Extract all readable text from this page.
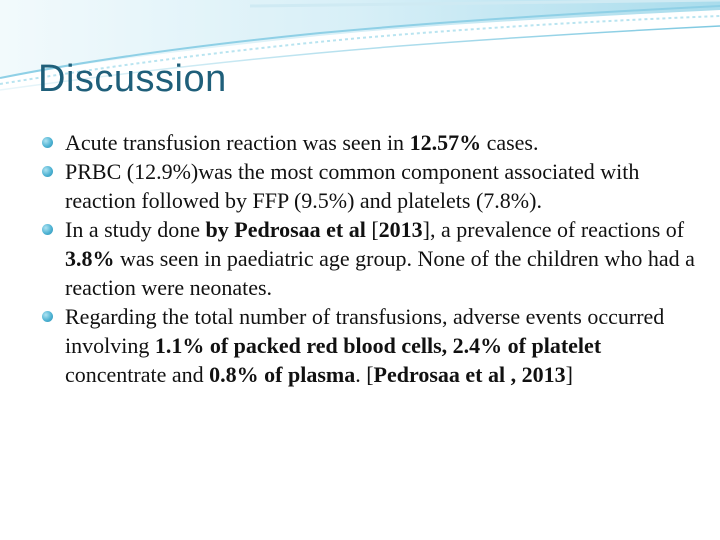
Discussion
Acute transfusion reaction was seen in 12.57% cases.
PRBC (12.9%)was the most common component associated with reaction followed by FFP (9.5%) and platelets (7.8%).
In a study done by Pedrosaa et al [2013], a prevalence of reactions of 3.8% was seen in paediatric age group. None of the children who had a reaction were neonates.
Regarding the total number of transfusions, adverse events occurred involving 1.1% of packed red blood cells, 2.4% of platelet concentrate and 0.8% of plasma. [Pedrosaa et al , 2013]
